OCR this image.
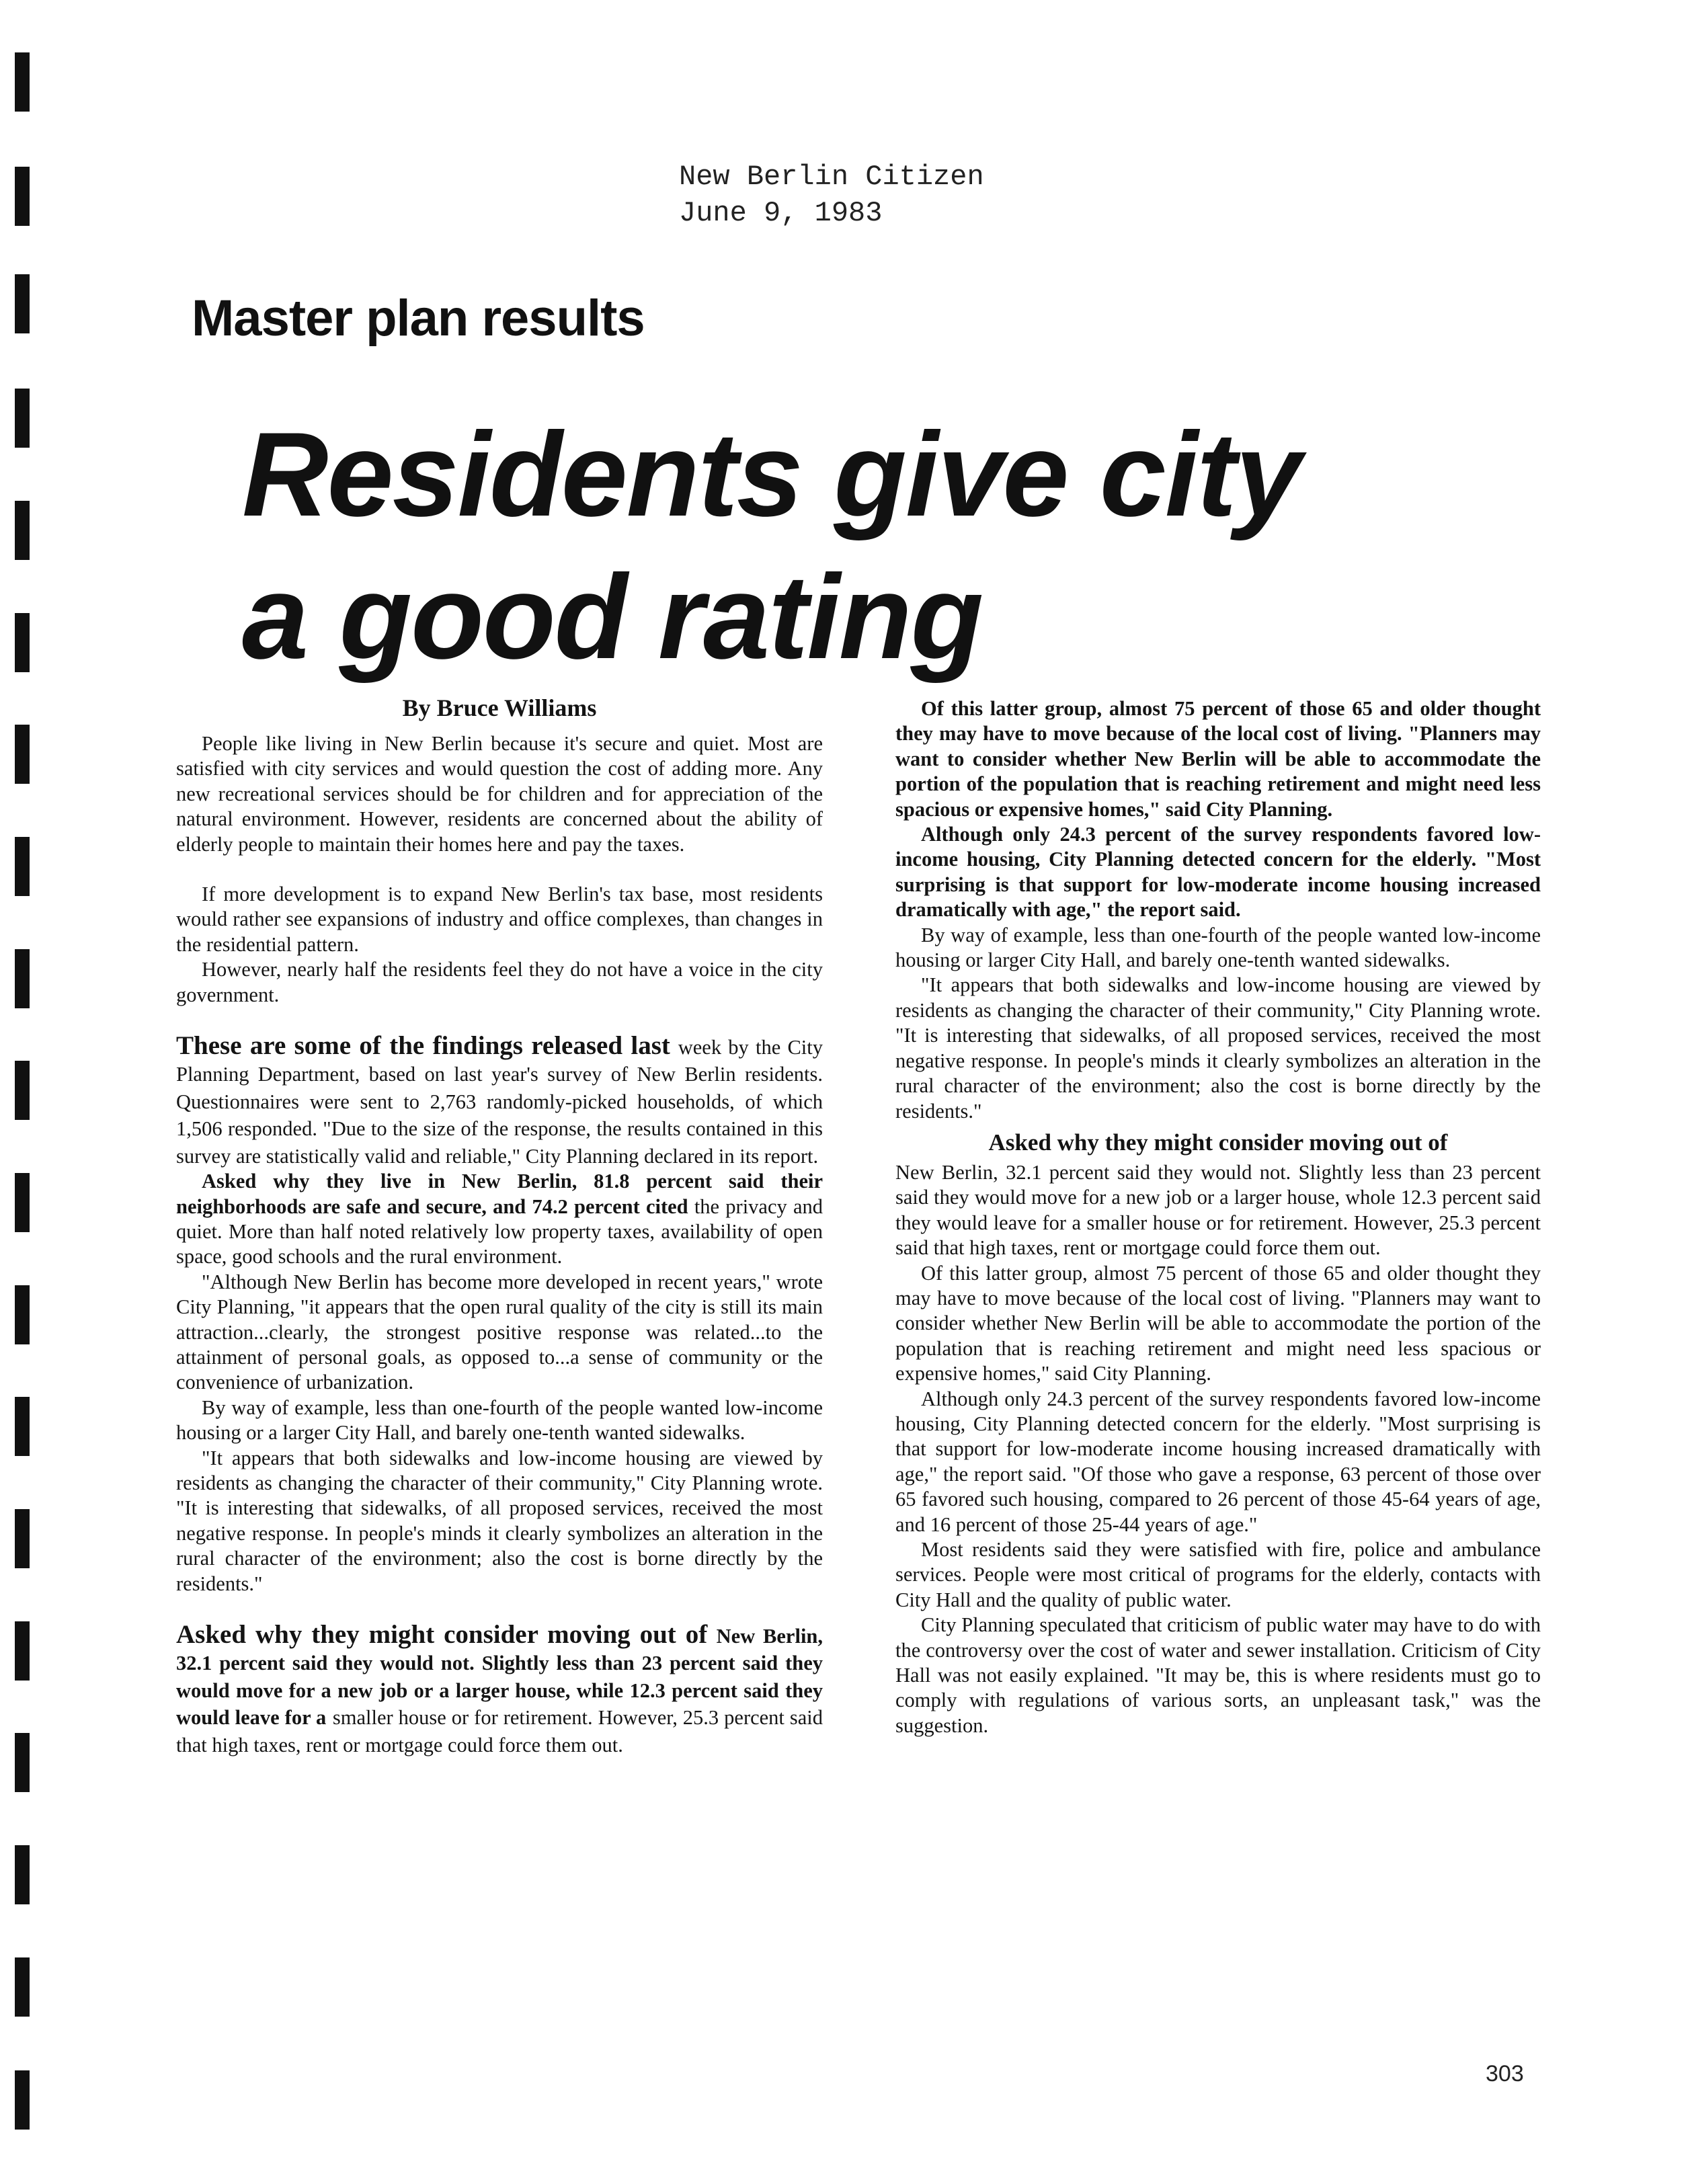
New Berlin Citizen
June 9, 1983
Master plan results
Residents give city
a good rating
By Bruce Williams

People like living in New Berlin because it's secure and quiet. Most are satisfied with city services and would question the cost of adding more. Any new recreational services should be for children and for appreciation of the natural environment. However, residents are concerned about the ability of elderly people to maintain their homes here and pay the taxes.

If more development is to expand New Berlin's tax base, most residents would rather see expansions of industry and office complexes, than changes in the residential pattern.

However, nearly half the residents feel they do not have a voice in the city government.

These are some of the findings released last week by the City Planning Department, based on last year's survey of New Berlin residents. Questionnaires were sent to 2,763 randomly-picked households, of which 1,506 responded. "Due to the size of the response, the results contained in this survey are statistically valid and reliable," City Planning declared in its report.

Asked why they live in New Berlin, 81.8 percent said their neighborhoods are safe and secure, and 74.2 percent cited the privacy and quiet. More than half noted relatively low property taxes, availability of open space, good schools and the rural environment.

"Although New Berlin has become more developed in recent years," wrote City Planning, "it appears that the open rural quality of the city is still its main attraction...clearly, the strongest positive response was related...to the attainment of personal goals, as opposed to...a sense of community or the convenience of urbanization.

By way of example, less than one-fourth of the people wanted low-income housing or a larger City Hall, and barely one-tenth wanted sidewalks.

"It appears that both sidewalks and low-income housing are viewed by residents as changing the character of their community," City Planning wrote. "It is interesting that sidewalks, of all proposed services, received the most negative response. In people's minds it clearly symbolizes an alteration in the rural character of the environment; also the cost is borne directly by the residents."

Asked why they might consider moving out of New Berlin, 32.1 percent said they would not. Slightly less than 23 percent said they would move for a new job or a larger house, while 12.3 percent said they would leave for a smaller house or for retirement. However, 25.3 percent said that high taxes, rent or mortgage could force them out.

Of this latter group, almost 75 percent of those 65 and older thought they may have to move because of the local cost of living. "Planners may want to consider whether New Berlin will be able to accommodate the portion of the population that is reaching retirement and might need less spacious or expensive homes," said City Planning.

Although only 24.3 percent of the survey respondents favored low-income housing, City Planning detected concern for the elderly. "Most surprising is that support for low-moderate income housing increased dramatically with age," the report said.

By way of example, less than one-fourth of the people wanted low-income housing or larger City Hall, and barely one-tenth wanted sidewalks.

"It appears that both sidewalks and low-income housing are viewed by residents as changing the character of their community," City Planning wrote. "It is interesting that sidewalks, of all proposed services, received the most negative response. In people's minds it clearly symbolizes an alteration in the rural character of the environment; also the cost is borne directly by the residents."

Asked why they might consider moving out of

New Berlin, 32.1 percent said they would not. Slightly less than 23 percent said they would move for a new job or a larger house, whole 12.3 percent said they would leave for a smaller house or for retirement. However, 25.3 percent said that high taxes, rent or mortgage could force them out.

Of this latter group, almost 75 percent of those 65 and older thought they may have to move because of the local cost of living. "Planners may want to consider whether New Berlin will be able to accommodate the portion of the population that is reaching retirement and might need less spacious or expensive homes," said City Planning.

Although only 24.3 percent of the survey respondents favored low-income housing, City Planning detected concern for the elderly. "Most surprising is that support for low-moderate income housing increased dramatically with age," the report said. "Of those who gave a response, 63 percent of those over 65 favored such housing, compared to 26 percent of those 45-64 years of age, and 16 percent of those 25-44 years of age."

Most residents said they were satisfied with fire, police and ambulance services. People were most critical of programs for the elderly, contacts with City Hall and the quality of public water.

City Planning speculated that criticism of public water may have to do with the controversy over the cost of water and sewer installation. Criticism of City Hall was not easily explained. "It may be, this is where residents must go to comply with regulations of various sorts, an unpleasant task," was the suggestion.

303
